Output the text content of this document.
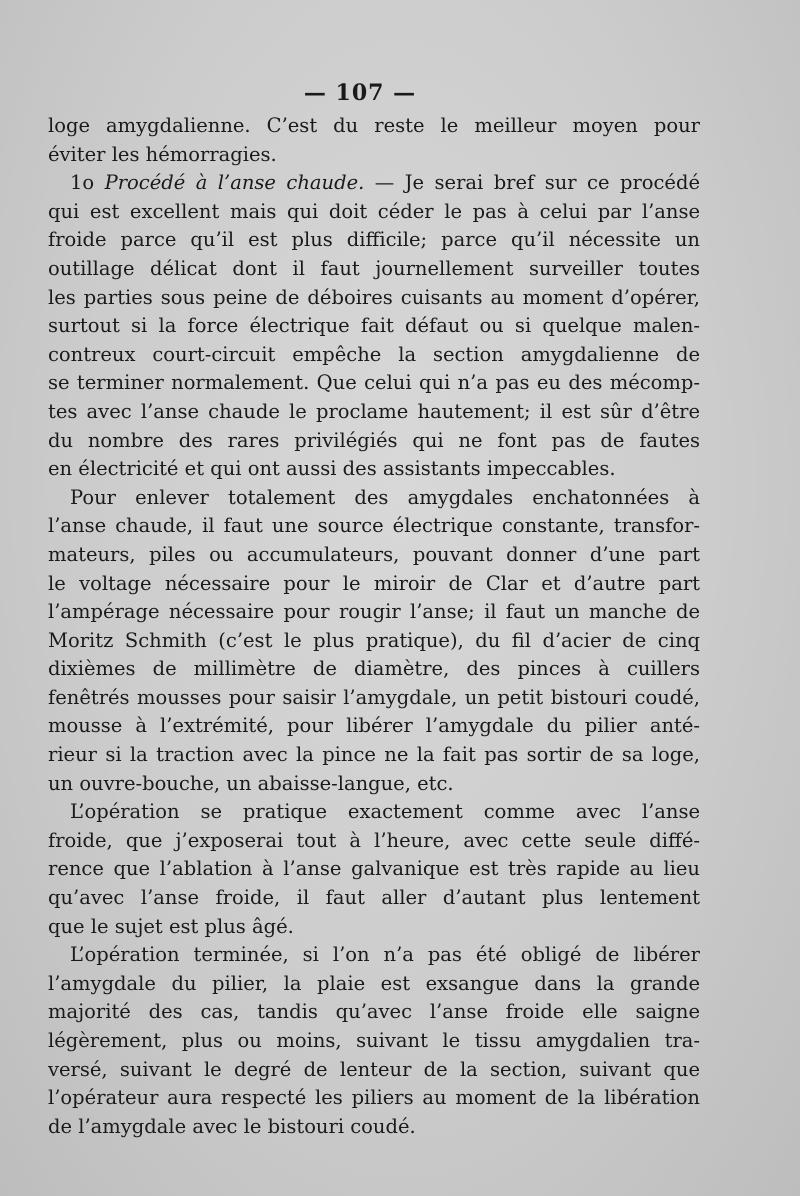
— 107 —
loge amygdalienne. C’est du reste le meilleur moyen pour
éviter les hémorragies.
1o Procédé à l’anse chaude. — Je serai bref sur ce procédé
qui est excellent mais qui doit céder le pas à celui par l’anse
froide parce qu’il est plus difficile; parce qu’il nécessite un
outillage délicat dont il faut journellement surveiller toutes
les parties sous peine de déboires cuisants au moment d’opérer,
surtout si la force électrique fait défaut ou si quelque malen-
contreux court-circuit empêche la section amygdalienne de
se terminer normalement. Que celui qui n’a pas eu des mécomp-
tes avec l’anse chaude le proclame hautement; il est sûr d’être
du nombre des rares privilégiés qui ne font pas de fautes
en électricité et qui ont aussi des assistants impeccables.
Pour enlever totalement des amygdales enchatonnées à
l’anse chaude, il faut une source électrique constante, transfor-
mateurs, piles ou accumulateurs, pouvant donner d’une part
le voltage nécessaire pour le miroir de Clar et d’autre part
l’ampérage nécessaire pour rougir l’anse; il faut un manche de
Moritz Schmith (c’est le plus pratique), du fil d’acier de cinq
dixièmes de millimètre de diamètre, des pinces à cuillers
fenêtrés mousses pour saisir l’amygdale, un petit bistouri coudé,
mousse à l’extrémité, pour libérer l’amygdale du pilier anté-
rieur si la traction avec la pince ne la fait pas sortir de sa loge,
un ouvre-bouche, un abaisse-langue, etc.
L’opération se pratique exactement comme avec l’anse
froide, que j’exposerai tout à l’heure, avec cette seule diffé-
rence que l’ablation à l’anse galvanique est très rapide au lieu
qu’avec l’anse froide, il faut aller d’autant plus lentement
que le sujet est plus âgé.
L’opération terminée, si l’on n’a pas été obligé de libérer
l’amygdale du pilier, la plaie est exsangue dans la grande
majorité des cas, tandis qu’avec l’anse froide elle saigne
légèrement, plus ou moins, suivant le tissu amygdalien tra-
versé, suivant le degré de lenteur de la section, suivant que
l’opérateur aura respecté les piliers au moment de la libération
de l’amygdale avec le bistouri coudé.
